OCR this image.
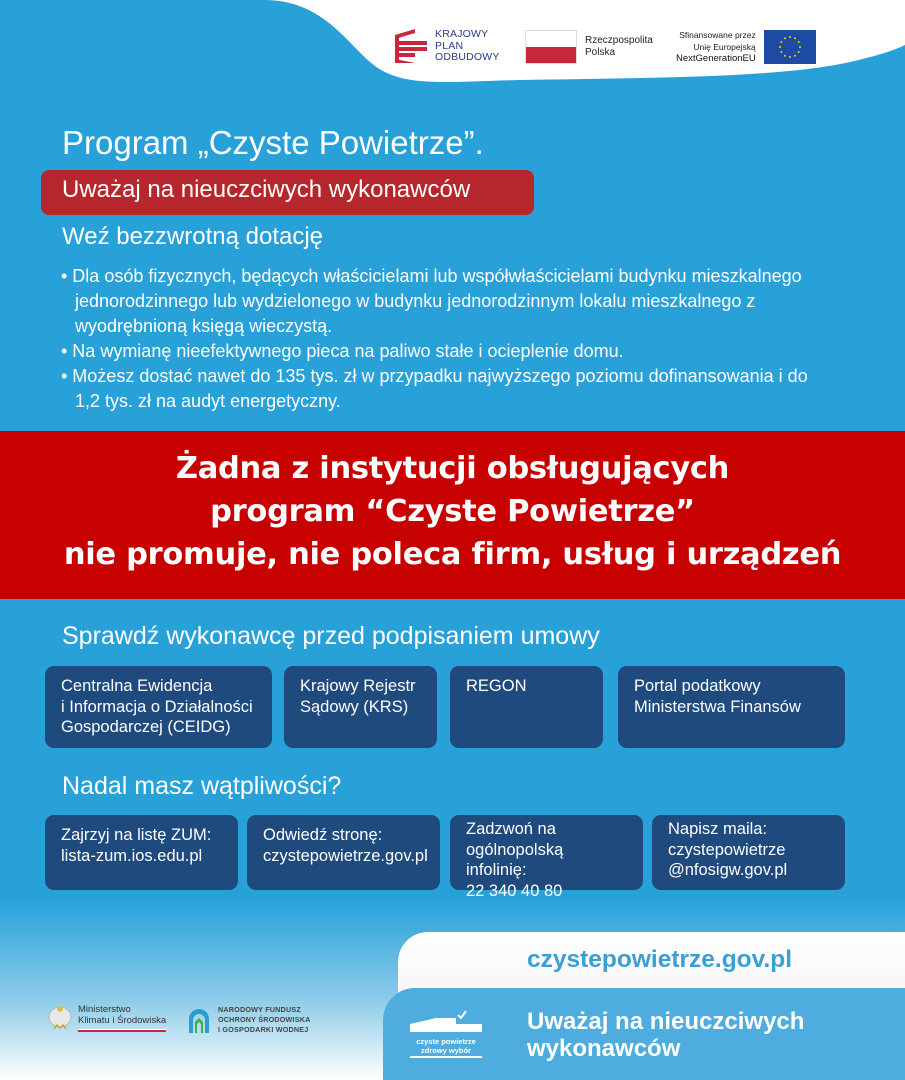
KRAJOWY
PLAN
ODBUDOWY
Rzeczpospolita
Polska
Sfinansowane przez
Unię Europejską
NextGenerationEU
Program „Czyste Powietrze”.
Uważaj na nieuczciwych wykonawców
Weź bezzwrotną dotację
• Dla osób fizycznych, będących właścicielami lub współwłaścicielami budynku mieszkalnego jednorodzinnego lub wydzielonego w budynku jednorodzinnym lokalu mieszkalnego z wyodrębnioną księgą wieczystą.
• Na wymianę nieefektywnego pieca na paliwo stałe i ocieplenie domu.
• Możesz dostać nawet do 135 tys. zł w przypadku najwyższego poziomu dofinansowania i do 1,2 tys. zł na audyt energetyczny.
Żadna z instytucji obsługujących
program “Czyste Powietrze”
nie promuje, nie poleca firm, usług i urządzeń
Sprawdź wykonawcę przed podpisaniem umowy
Centralna Ewidencja
i Informacja o Działalności
Gospodarczej (CEIDG)
Krajowy Rejestr
Sądowy (KRS)
REGON	Portal podatkowy
Ministerstwa Finansów
Nadal masz wątpliwości?
Zajrzyj na listę ZUM:
lista-zum.ios.edu.pl
Odwiedź stronę:
czystepowietrze.gov.pl
Zadzwoń na
ogólnopolską infolinię:
22 340 40 80
Napisz maila:
czystepowietrze
@nfosigw.gov.pl
czystepowietrze.gov.pl
Uważaj na nieuczciwych
wykonawców
czyste powietrze
zdrowy wybór
Ministerstwo
Klimatu i Środowiska
NARODOWY FUNDUSZ
OCHRONY ŚRODOWISKA
I GOSPODARKI WODNEJ
